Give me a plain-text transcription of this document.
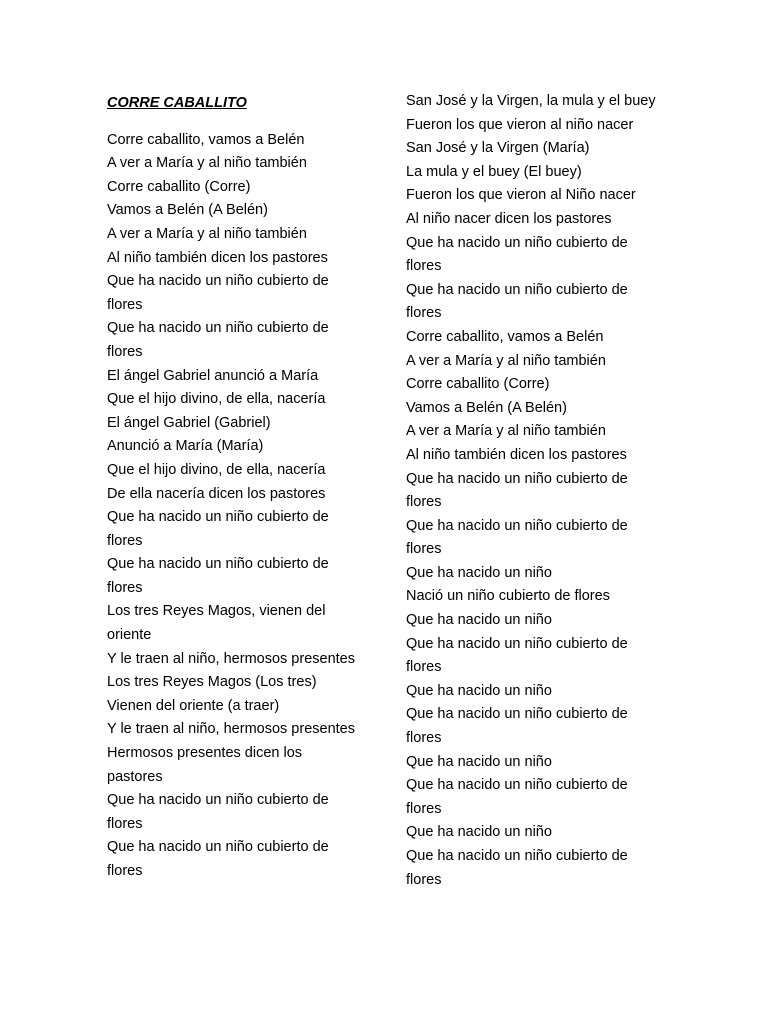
CORRE CABALLITO

Corre caballito, vamos a Belén

A ver a María y al niño también

Corre caballito (Corre)

Vamos a Belén (A Belén)

A ver a María y al niño también

Al niño también dicen los pastores

Que ha nacido un niño cubierto de

flores

Que ha nacido un niño cubierto de

flores

El ángel Gabriel anunció a María

Que el hijo divino, de ella, nacería

El ángel Gabriel (Gabriel)

Anunció a María (María)

Que el hijo divino, de ella, nacería

De ella nacería dicen los pastores

Que ha nacido un niño cubierto de

flores

Que ha nacido un niño cubierto de

flores

Los tres Reyes Magos, vienen del

oriente

Y le traen al niño, hermosos presentes

Los tres Reyes Magos (Los tres)

Vienen del oriente (a traer)

Y le traen al niño, hermosos presentes

Hermosos presentes dicen los

pastores

Que ha nacido un niño cubierto de

flores

Que ha nacido un niño cubierto de

flores

San José y la Virgen, la mula y el buey

Fueron los que vieron al niño nacer

San José y la Virgen (María)

La mula y el buey (El buey)

Fueron los que vieron al Niño nacer

Al niño nacer dicen los pastores

Que ha nacido un niño cubierto de

flores

Que ha nacido un niño cubierto de

flores

Corre caballito, vamos a Belén

A ver a María y al niño también

Corre caballito (Corre)

Vamos a Belén (A Belén)

A ver a María y al niño también

Al niño también dicen los pastores

Que ha nacido un niño cubierto de

flores

Que ha nacido un niño cubierto de

flores

Que ha nacido un niño

Nació un niño cubierto de flores

Que ha nacido un niño

Que ha nacido un niño cubierto de

flores

Que ha nacido un niño

Que ha nacido un niño cubierto de

flores

Que ha nacido un niño

Que ha nacido un niño cubierto de

flores

Que ha nacido un niño

Que ha nacido un niño cubierto de

flores
